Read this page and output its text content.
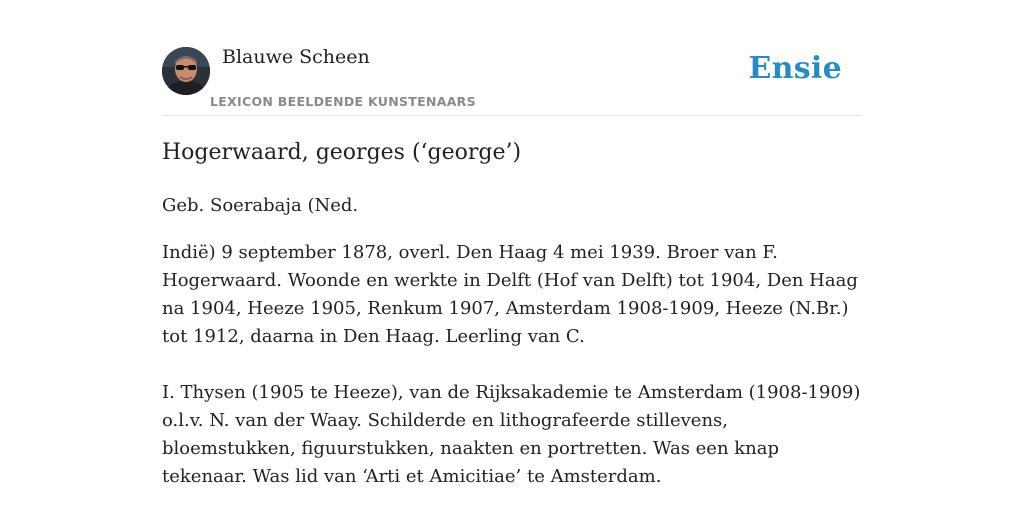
Blauwe Scheen
LEXICON BEELDENDE KUNSTENAARS
Ensie
Hogerwaard, georges (‘george’)

Geb. Soerabaja (Ned.

Indië) 9 september 1878, overl. Den Haag 4 mei 1939. Broer van F. Hogerwaard. Woonde en werkte in Delft (Hof van Delft) tot 1904, Den Haag na 1904, Heeze 1905, Renkum 1907, Amsterdam 1908-1909, Heeze (N.Br.) tot 1912, daarna in Den Haag. Leerling van C.

I. Thysen (1905 te Heeze), van de Rijksakademie te Amsterdam (1908-1909) o.l.v. N. van der Waay. Schilderde en lithografeerde stillevens, bloemstukken, figuurstukken, naakten en portretten. Was een knap tekenaar. Was lid van ‘Arti et Amicitiae’ te Amsterdam.
